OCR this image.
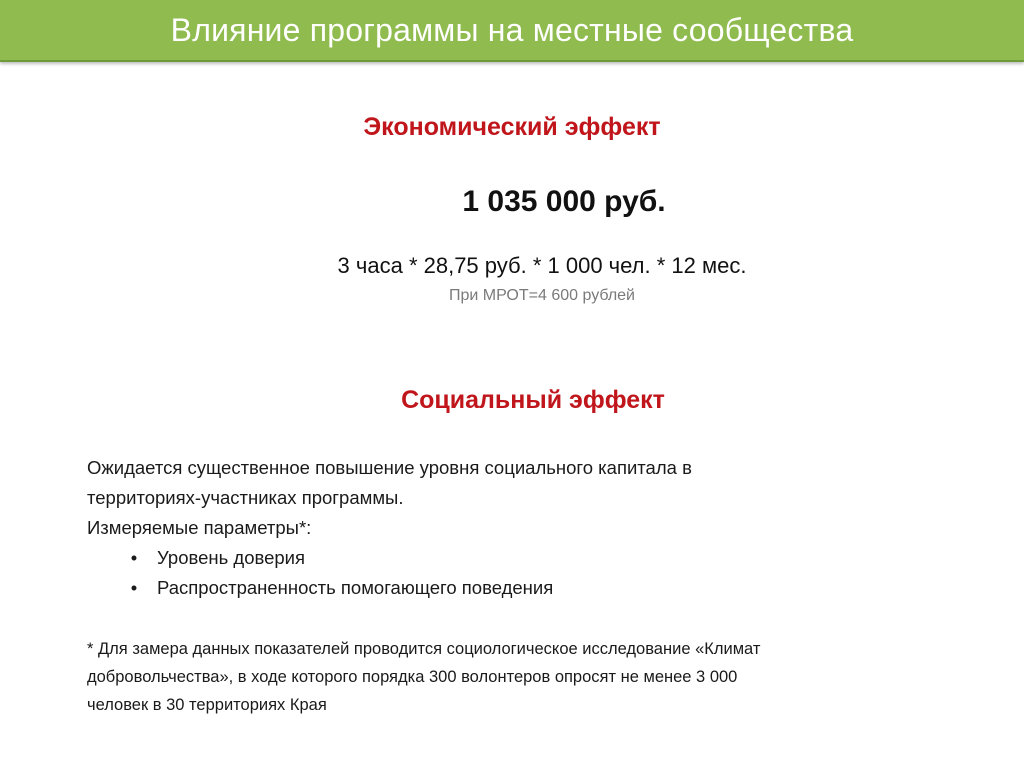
Влияние программы на местные сообщества
Экономический эффект
1 035 000 руб.
3 часа * 28,75 руб. * 1 000 чел. * 12 мес.
При МРОТ=4 600 рублей
Социальный эффект

Ожидается существенное повышение уровня социального капитала в

территориях-участниках программы.

Измеряемые параметры*:

• Уровень доверия
• Распространенность помогающего поведения
* Для замера данных показателей проводится социологическое исследование «Климат
добровольчества», в ходе которого порядка 300 волонтеров опросят не менее 3 000
человек в 30 территориях Края
